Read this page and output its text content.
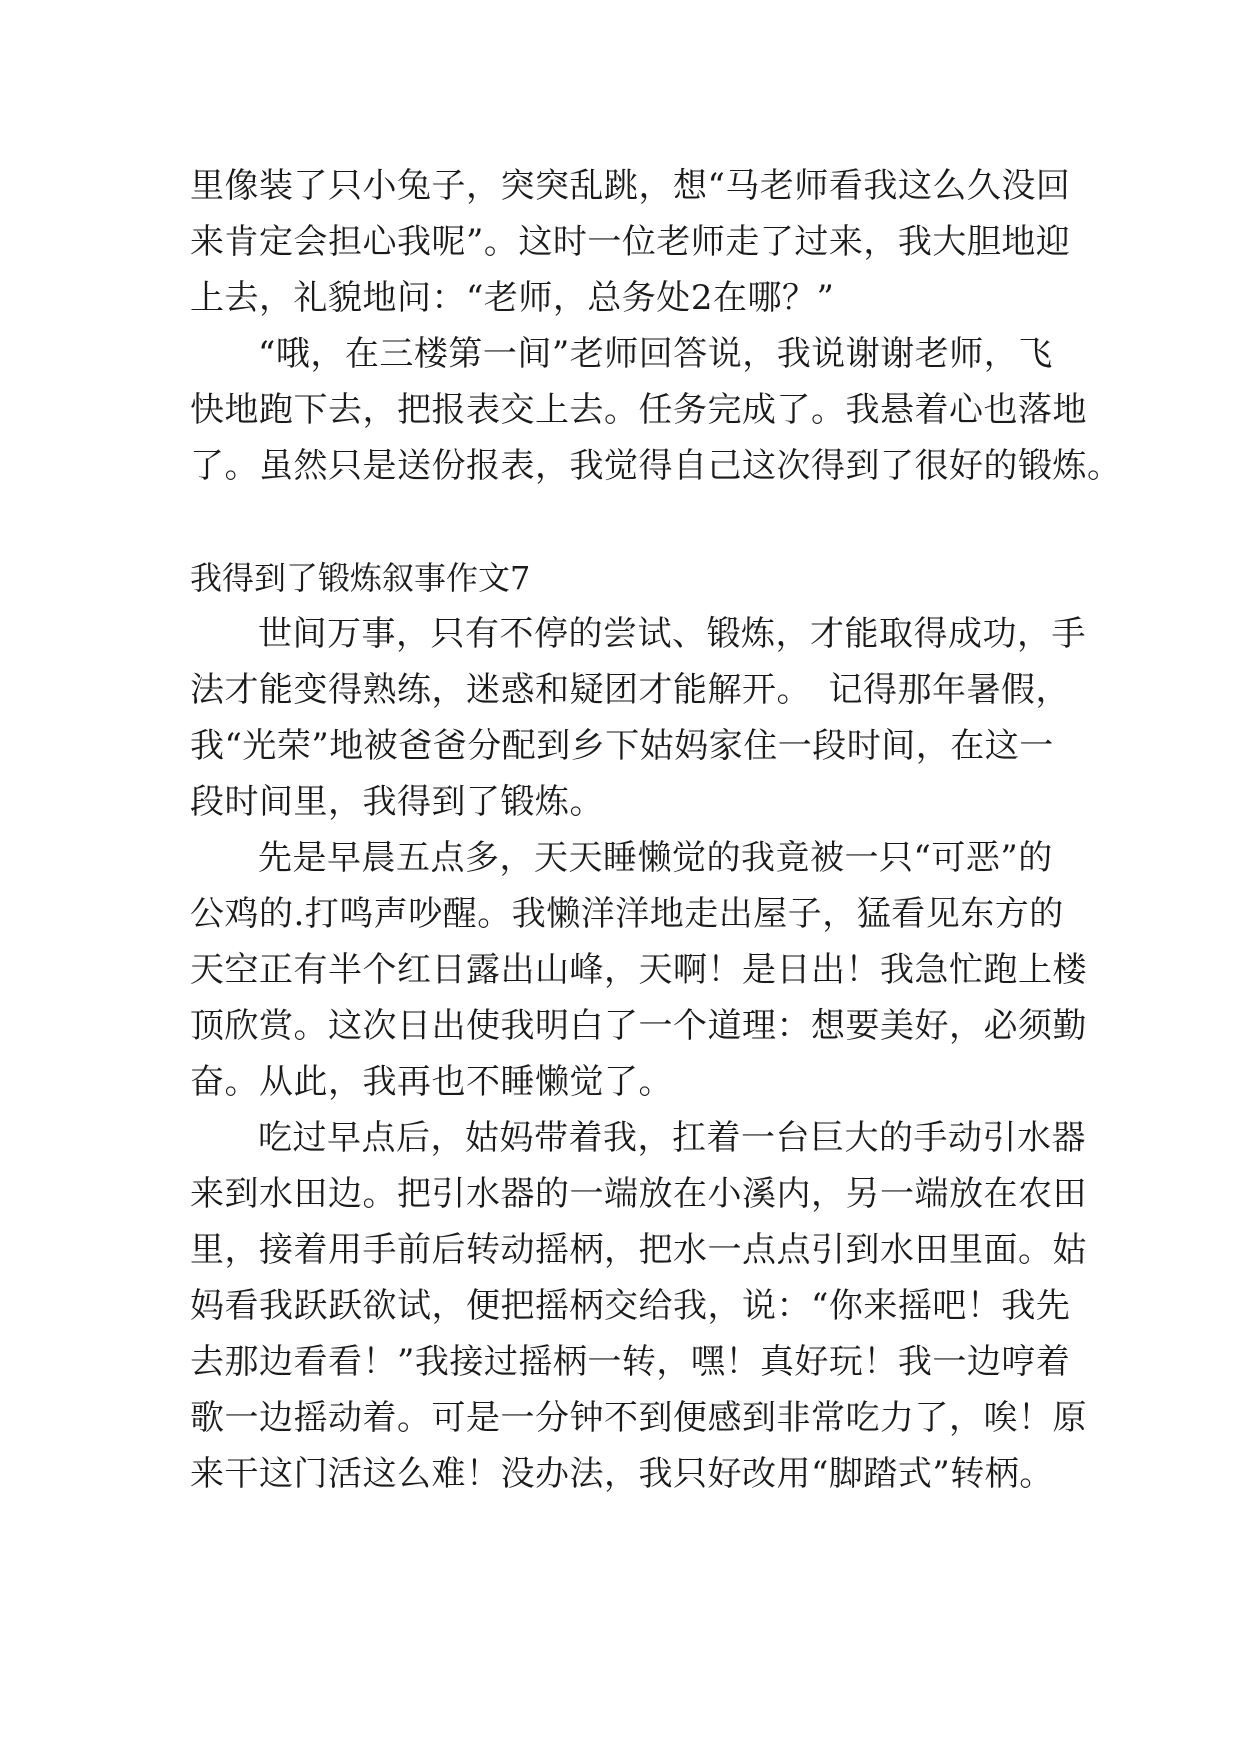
里像装了只小兔子，突突乱跳，想“马老师看我这么久没回
来肯定会担心我呢”。这时一位老师走了过来，我大胆地迎
上去，礼貌地问：“老师，总务处2在哪？”
“哦，在三楼第一间”老师回答说，我说谢谢老师，飞
快地跑下去，把报表交上去。任务完成了。我悬着心也落地
了。虽然只是送份报表，我觉得自己这次得到了很好的锻炼。
我得到了锻炼叙事作文7
世间万事，只有不停的尝试、锻炼，才能取得成功，手
法才能变得熟练，迷惑和疑团才能解开。　记得那年暑假，
我“光荣”地被爸爸分配到乡下姑妈家住一段时间，在这一
段时间里，我得到了锻炼。
先是早晨五点多，天天睡懒觉的我竟被一只“可恶”的
公鸡的.打鸣声吵醒。我懒洋洋地走出屋子，猛看见东方的
天空正有半个红日露出山峰，天啊！是日出！我急忙跑上楼
顶欣赏。这次日出使我明白了一个道理：想要美好，必须勤
奋。从此，我再也不睡懒觉了。
吃过早点后，姑妈带着我，扛着一台巨大的手动引水器
来到水田边。把引水器的一端放在小溪内，另一端放在农田
里，接着用手前后转动摇柄，把水一点点引到水田里面。姑
妈看我跃跃欲试，便把摇柄交给我，说：“你来摇吧！我先
去那边看看！”我接过摇柄一转，嘿！真好玩！我一边哼着
歌一边摇动着。可是一分钟不到便感到非常吃力了，唉！原
来干这门活这么难！没办法，我只好改用“脚踏式”转柄。
